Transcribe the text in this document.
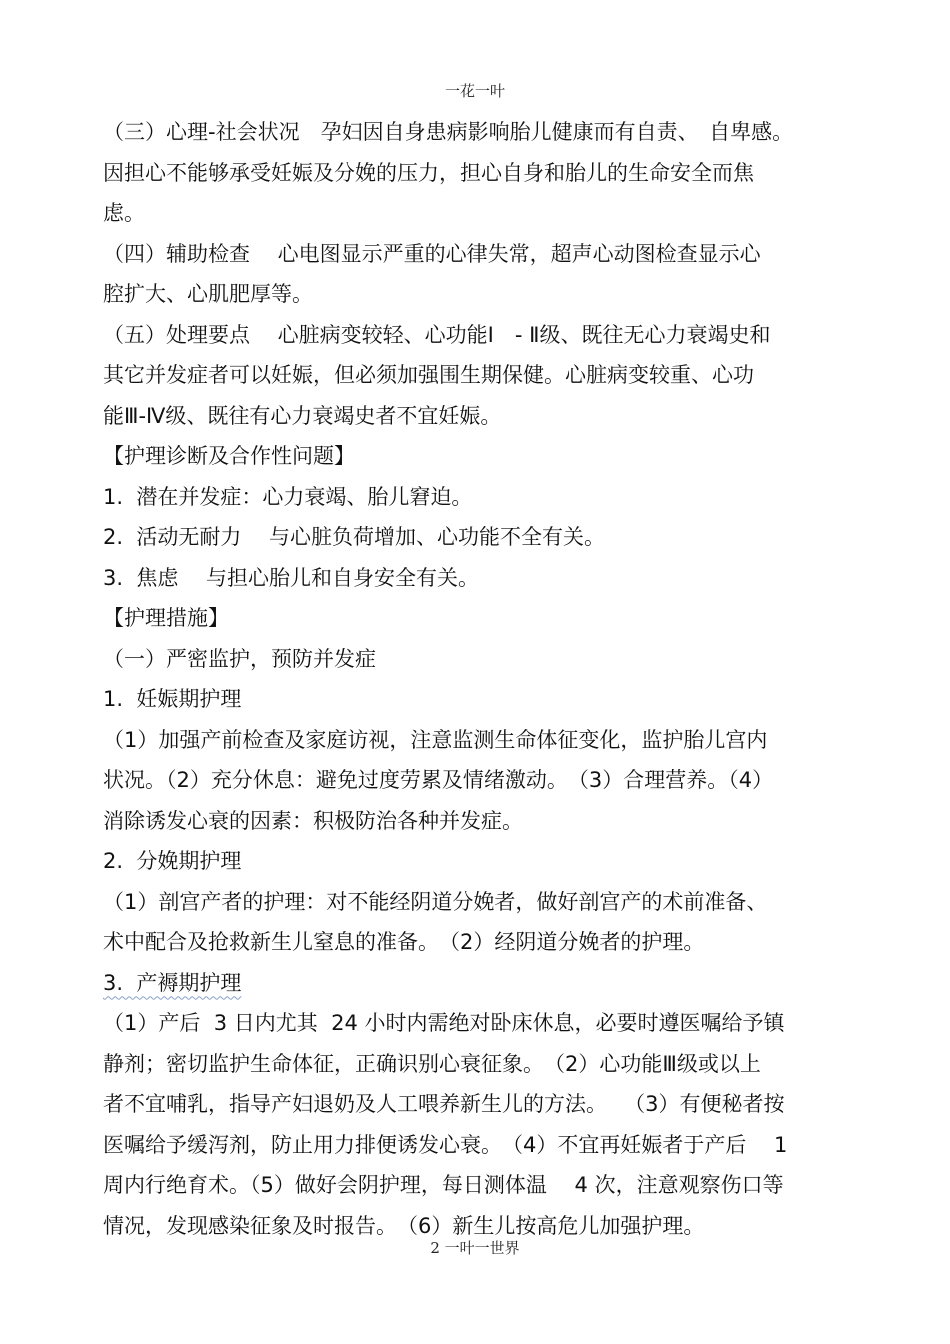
一花一叶
（三）心理-社会状况　孕妇因自身患病影响胎儿健康而有自责、　自卑感。
因担心不能够承受妊娠及分娩的压力，担心自身和胎儿的生命安全而焦
虑。
（四）辅助检查　 心电图显示严重的心律失常，超声心动图检查显示心
腔扩大、心肌肥厚等。
（五）处理要点　 心脏病变较轻、心功能Ⅰ　- Ⅱ级、既往无心力衰竭史和
其它并发症者可以妊娠，但必须加强围生期保健。心脏病变较重、心功
能Ⅲ-Ⅳ级、既往有心力衰竭史者不宜妊娠。
【护理诊断及合作性问题】
1.  潜在并发症：心力衰竭、胎儿窘迫。
2.  活动无耐力　 与心脏负荷增加、心功能不全有关。
3.  焦虑　 与担心胎儿和自身安全有关。
【护理措施】
（一）严密监护，预防并发症
1.  妊娠期护理
（1）加强产前检查及家庭访视，注意监测生命体征变化，监护胎儿宫内
状况。（2）充分休息：避免过度劳累及情绪激动。　（3）合理营养。（4）
消除诱发心衰的因素：积极防治各种并发症。
2.  分娩期护理
（1）剖宫产者的护理：对不能经阴道分娩者，做好剖宫产的术前准备、
术中配合及抢救新生儿窒息的准备。　（2）经阴道分娩者的护理。
3.  产褥期护理
（1）产后  3 日内尤其  24 小时内需绝对卧床休息，必要时遵医嘱给予镇
静剂；密切监护生命体征，正确识别心衰征象。　（2）心功能Ⅲ级或以上
者不宜哺乳，指导产妇退奶及人工喂养新生儿的方法。　 （3）有便秘者按
医嘱给予缓泻剂，防止用力排便诱发心衰。　（4）不宜再妊娠者于产后　 1
周内行绝育术。（5）做好会阴护理，每日测体温　 4 次，注意观察伤口等
情况，发现感染征象及时报告。　（6）新生儿按高危儿加强护理。
2 一叶一世界
